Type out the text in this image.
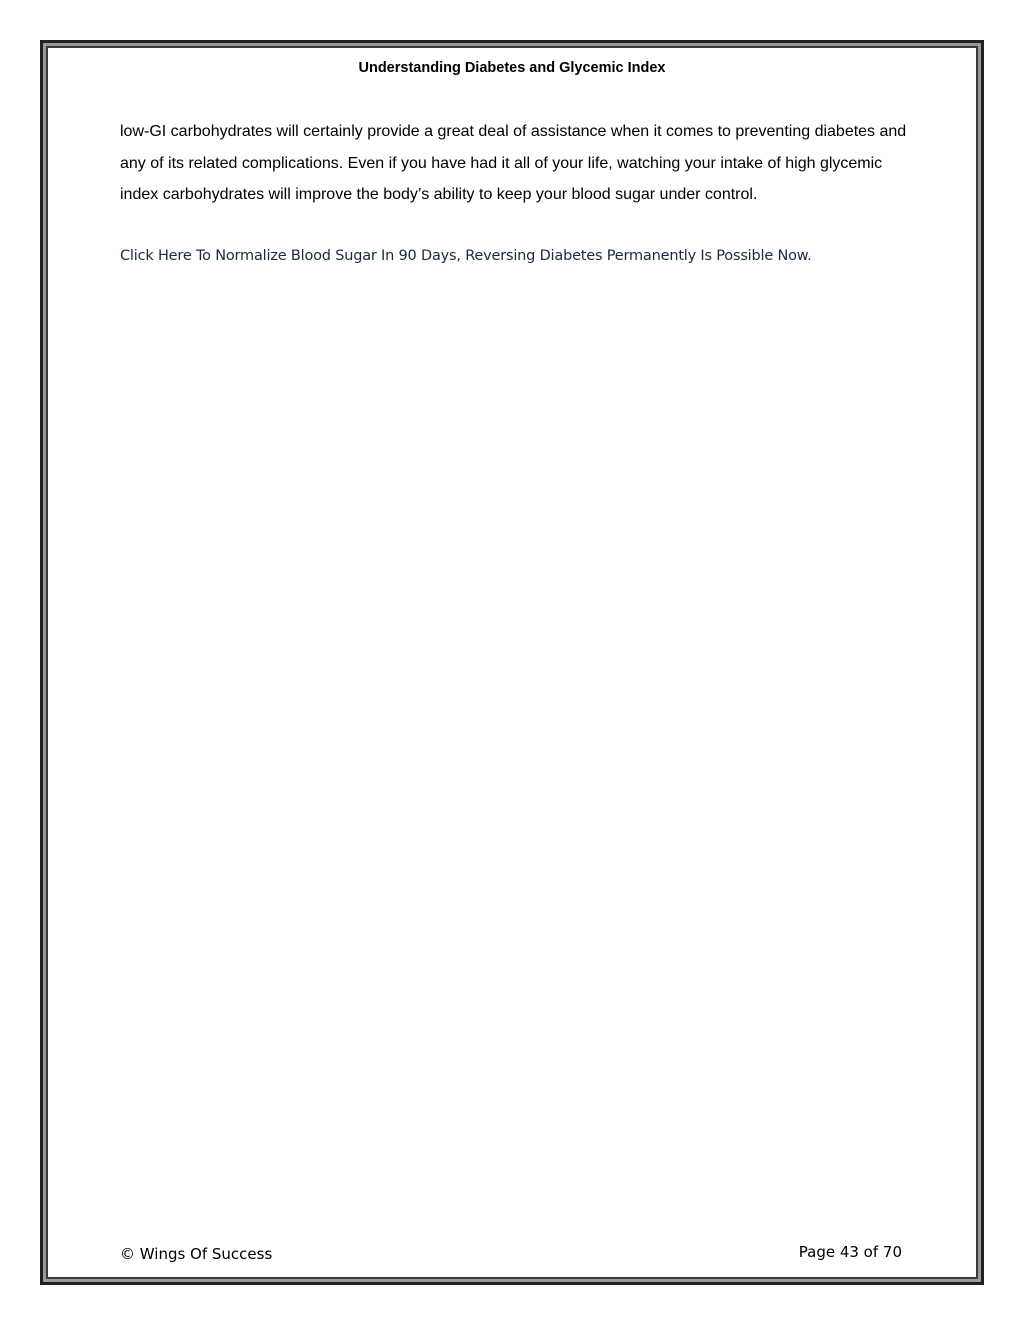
Understanding Diabetes and Glycemic Index

low-GI carbohydrates will certainly provide a great deal of assistance when it comes to preventing diabetes and any of its related complications. Even if you have had it all of your life, watching your intake of high glycemic index carbohydrates will improve the body’s ability to keep your blood sugar under control.

Click Here To Normalize Blood Sugar In 90 Days, Reversing Diabetes Permanently Is Possible Now.
© Wings Of Success	Page 43 of 70
